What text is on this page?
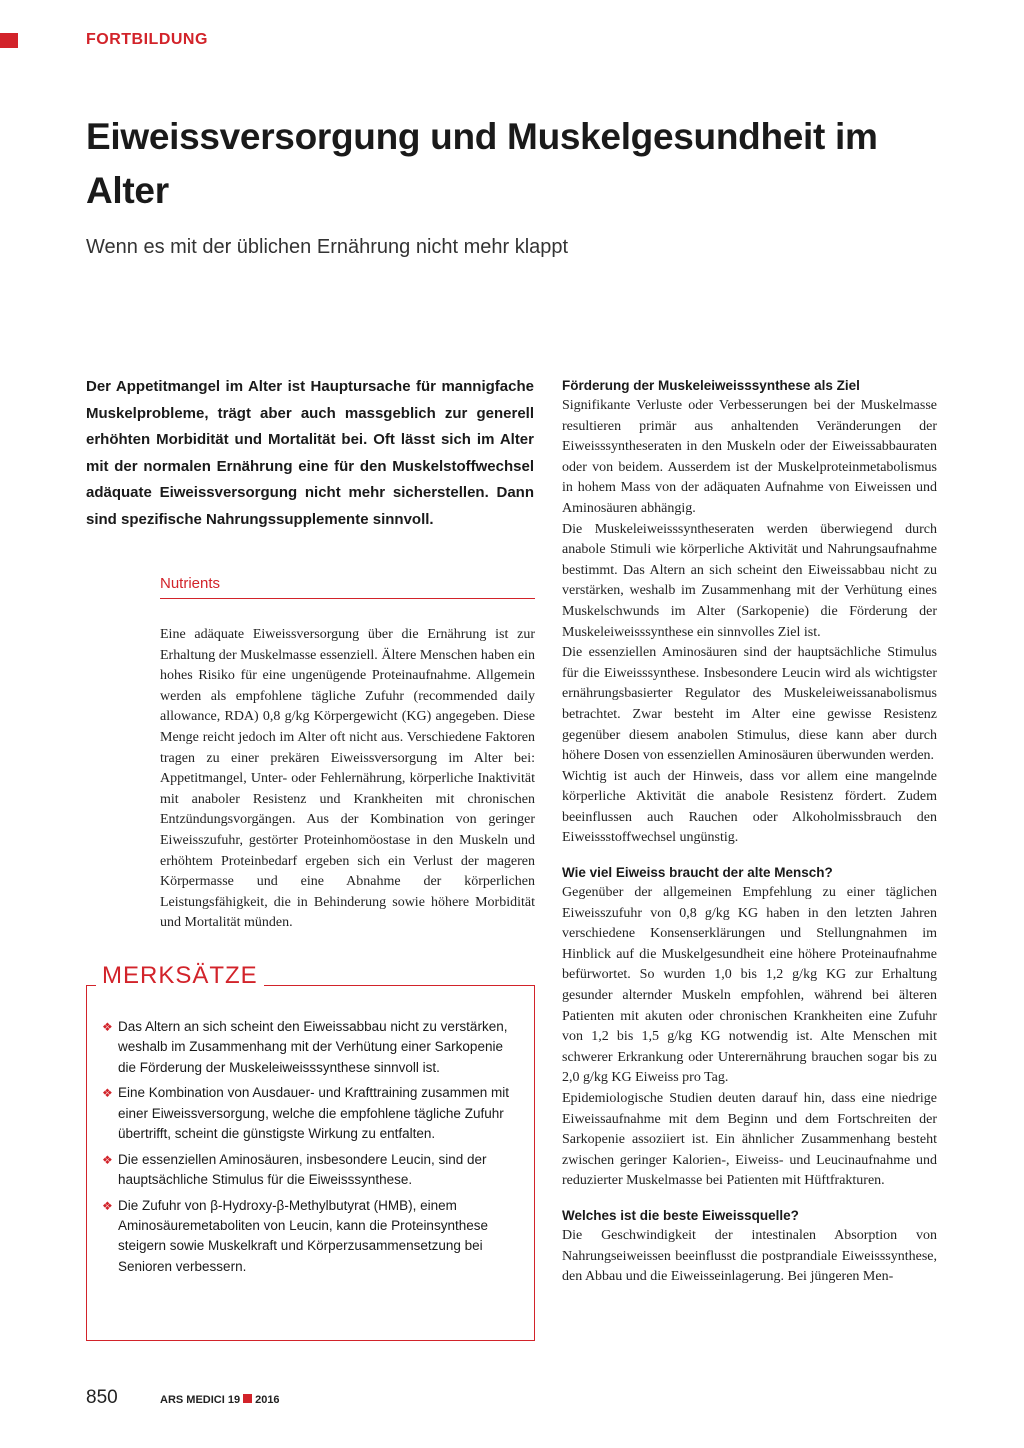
FORTBILDUNG
Eiweissversorgung und Muskelgesundheit im Alter
Wenn es mit der üblichen Ernährung nicht mehr klappt

Der Appetitmangel im Alter ist Hauptursache für mannigfache Muskelprobleme, trägt aber auch massgeblich zur generell erhöhten Morbidität und Mortalität bei. Oft lässt sich im Alter mit der normalen Ernährung eine für den Muskelstoffwechsel adäquate Eiweissversorgung nicht mehr sicherstellen. Dann sind spezifische Nahrungssupplemente sinnvoll.

Nutrients

Eine adäquate Eiweissversorgung über die Ernährung ist zur Erhaltung der Muskelmasse essenziell. Ältere Menschen haben ein hohes Risiko für eine ungenügende Proteinaufnahme. Allgemein werden als empfohlene tägliche Zufuhr (recommended daily allowance, RDA) 0,8 g/kg Körpergewicht (KG) angegeben. Diese Menge reicht jedoch im Alter oft nicht aus. Verschiedene Faktoren tragen zu einer prekären Eiweissversorgung im Alter bei: Appetitmangel, Unter- oder Fehlernährung, körperliche Inaktivität mit anaboler Resistenz und Krankheiten mit chronischen Entzündungsvorgängen. Aus der Kombination von geringer Eiweisszufuhr, gestörter Proteinhomöostase in den Muskeln und erhöhtem Proteinbedarf ergeben sich ein Verlust der mageren Körpermasse und eine Abnahme der körperlichen Leistungsfähigkeit, die in Behinderung sowie höhere Morbidität und Mortalität münden.

MERKSÄTZE
❖ Das Altern an sich scheint den Eiweissabbau nicht zu verstärken, weshalb im Zusammenhang mit der Verhütung einer Sarkopenie die Förderung der Muskeleiweisssynthese sinnvoll ist.
❖ Eine Kombination von Ausdauer- und Krafttraining zusammen mit einer Eiweissversorgung, welche die empfohlene tägliche Zufuhr übertrifft, scheint die günstigste Wirkung zu entfalten.
❖ Die essenziellen Aminosäuren, insbesondere Leucin, sind der hauptsächliche Stimulus für die Eiweisssynthese.
❖ Die Zufuhr von β-Hydroxy-β-Methylbutyrat (HMB), einem Aminosäuremetaboliten von Leucin, kann die Proteinsynthese steigern sowie Muskelkraft und Körperzusammensetzung bei Senioren verbessern.
Förderung der Muskeleiweisssynthese als Ziel

Signifikante Verluste oder Verbesserungen bei der Muskelmasse resultieren primär aus anhaltenden Veränderungen der Eiweisssyntheseraten in den Muskeln oder der Eiweissabbauraten oder von beidem. Ausserdem ist der Muskelproteinmetabolismus in hohem Mass von der adäquaten Aufnahme von Eiweissen und Aminosäuren abhängig.

Die Muskeleiweisssyntheseraten werden überwiegend durch anabole Stimuli wie körperliche Aktivität und Nahrungsaufnahme bestimmt. Das Altern an sich scheint den Eiweissabbau nicht zu verstärken, weshalb im Zusammenhang mit der Verhütung eines Muskelschwunds im Alter (Sarkopenie) die Förderung der Muskeleiweisssynthese ein sinnvolles Ziel ist.

Die essenziellen Aminosäuren sind der hauptsächliche Stimulus für die Eiweisssynthese. Insbesondere Leucin wird als wichtigster ernährungsbasierter Regulator des Muskeleiweissanabolismus betrachtet. Zwar besteht im Alter eine gewisse Resistenz gegenüber diesem anabolen Stimulus, diese kann aber durch höhere Dosen von essenziellen Aminosäuren überwunden werden.

Wichtig ist auch der Hinweis, dass vor allem eine mangelnde körperliche Aktivität die anabole Resistenz fördert. Zudem beeinflussen auch Rauchen oder Alkoholmissbrauch den Eiweissstoffwechsel ungünstig.

Wie viel Eiweiss braucht der alte Mensch?

Gegenüber der allgemeinen Empfehlung zu einer täglichen Eiweisszufuhr von 0,8 g/kg KG haben in den letzten Jahren verschiedene Konsenserklärungen und Stellungnahmen im Hinblick auf die Muskelgesundheit eine höhere Proteinaufnahme befürwortet. So wurden 1,0 bis 1,2 g/kg KG zur Erhaltung gesunder alternder Muskeln empfohlen, während bei älteren Patienten mit akuten oder chronischen Krankheiten eine Zufuhr von 1,2 bis 1,5 g/kg KG notwendig ist. Alte Menschen mit schwerer Erkrankung oder Unterernährung brauchen sogar bis zu 2,0 g/kg KG Eiweiss pro Tag.

Epidemiologische Studien deuten darauf hin, dass eine niedrige Eiweissaufnahme mit dem Beginn und dem Fortschreiten der Sarkopenie assoziiert ist. Ein ähnlicher Zusammenhang besteht zwischen geringer Kalorien-, Eiweiss- und Leucinaufnahme und reduzierter Muskelmasse bei Patienten mit Hüftfrakturen.

Welches ist die beste Eiweissquelle?

Die Geschwindigkeit der intestinalen Absorption von Nahrungseiweissen beeinflusst die postprandiale Eiweisssynthese, den Abbau und die Eiweisseinlagerung. Bei jüngeren Men-

850	ARS MEDICI 19 2016
